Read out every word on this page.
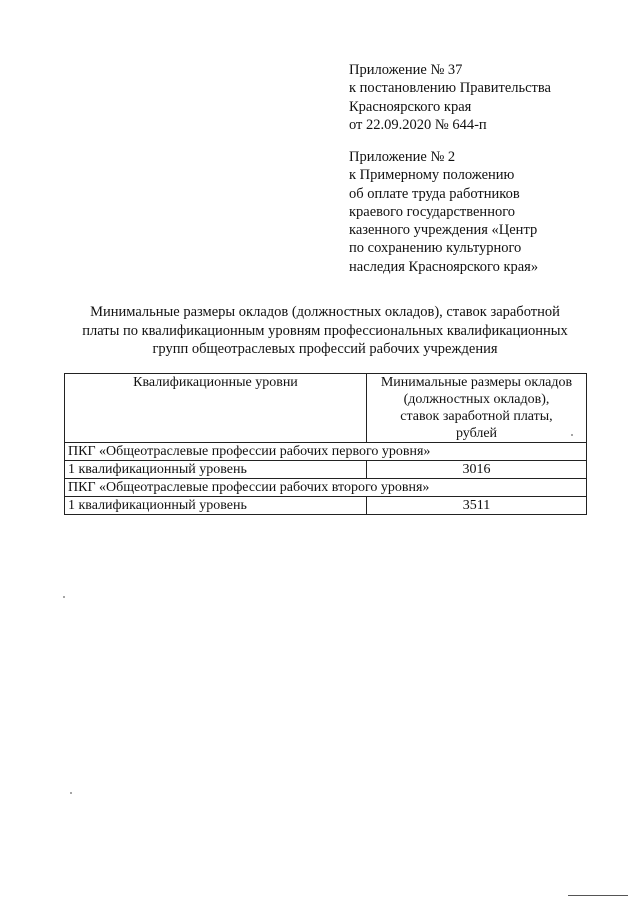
Приложение № 37
к постановлению Правительства
Красноярского края
от 22.09.2020 № 644-п
Приложение № 2
к Примерному положению
об оплате труда работников
краевого государственного
казенного учреждения «Центр
по сохранению культурного
наследия Красноярского края»
Минимальные размеры окладов (должностных окладов), ставок заработной
платы по квалификационным уровням профессиональных квалификационных
групп общеотраслевых профессий рабочих учреждения
Квалификационные уровни	Минимальные размеры окладов
(должностных окладов),
ставок заработной платы,
рублей

ПКГ «Общеотраслевые профессии рабочих первого уровня»	
1 квалификационный уровень	3016
ПКГ «Общеотраслевые профессии рабочих второго уровня»	
1 квалификационный уровень	3511
